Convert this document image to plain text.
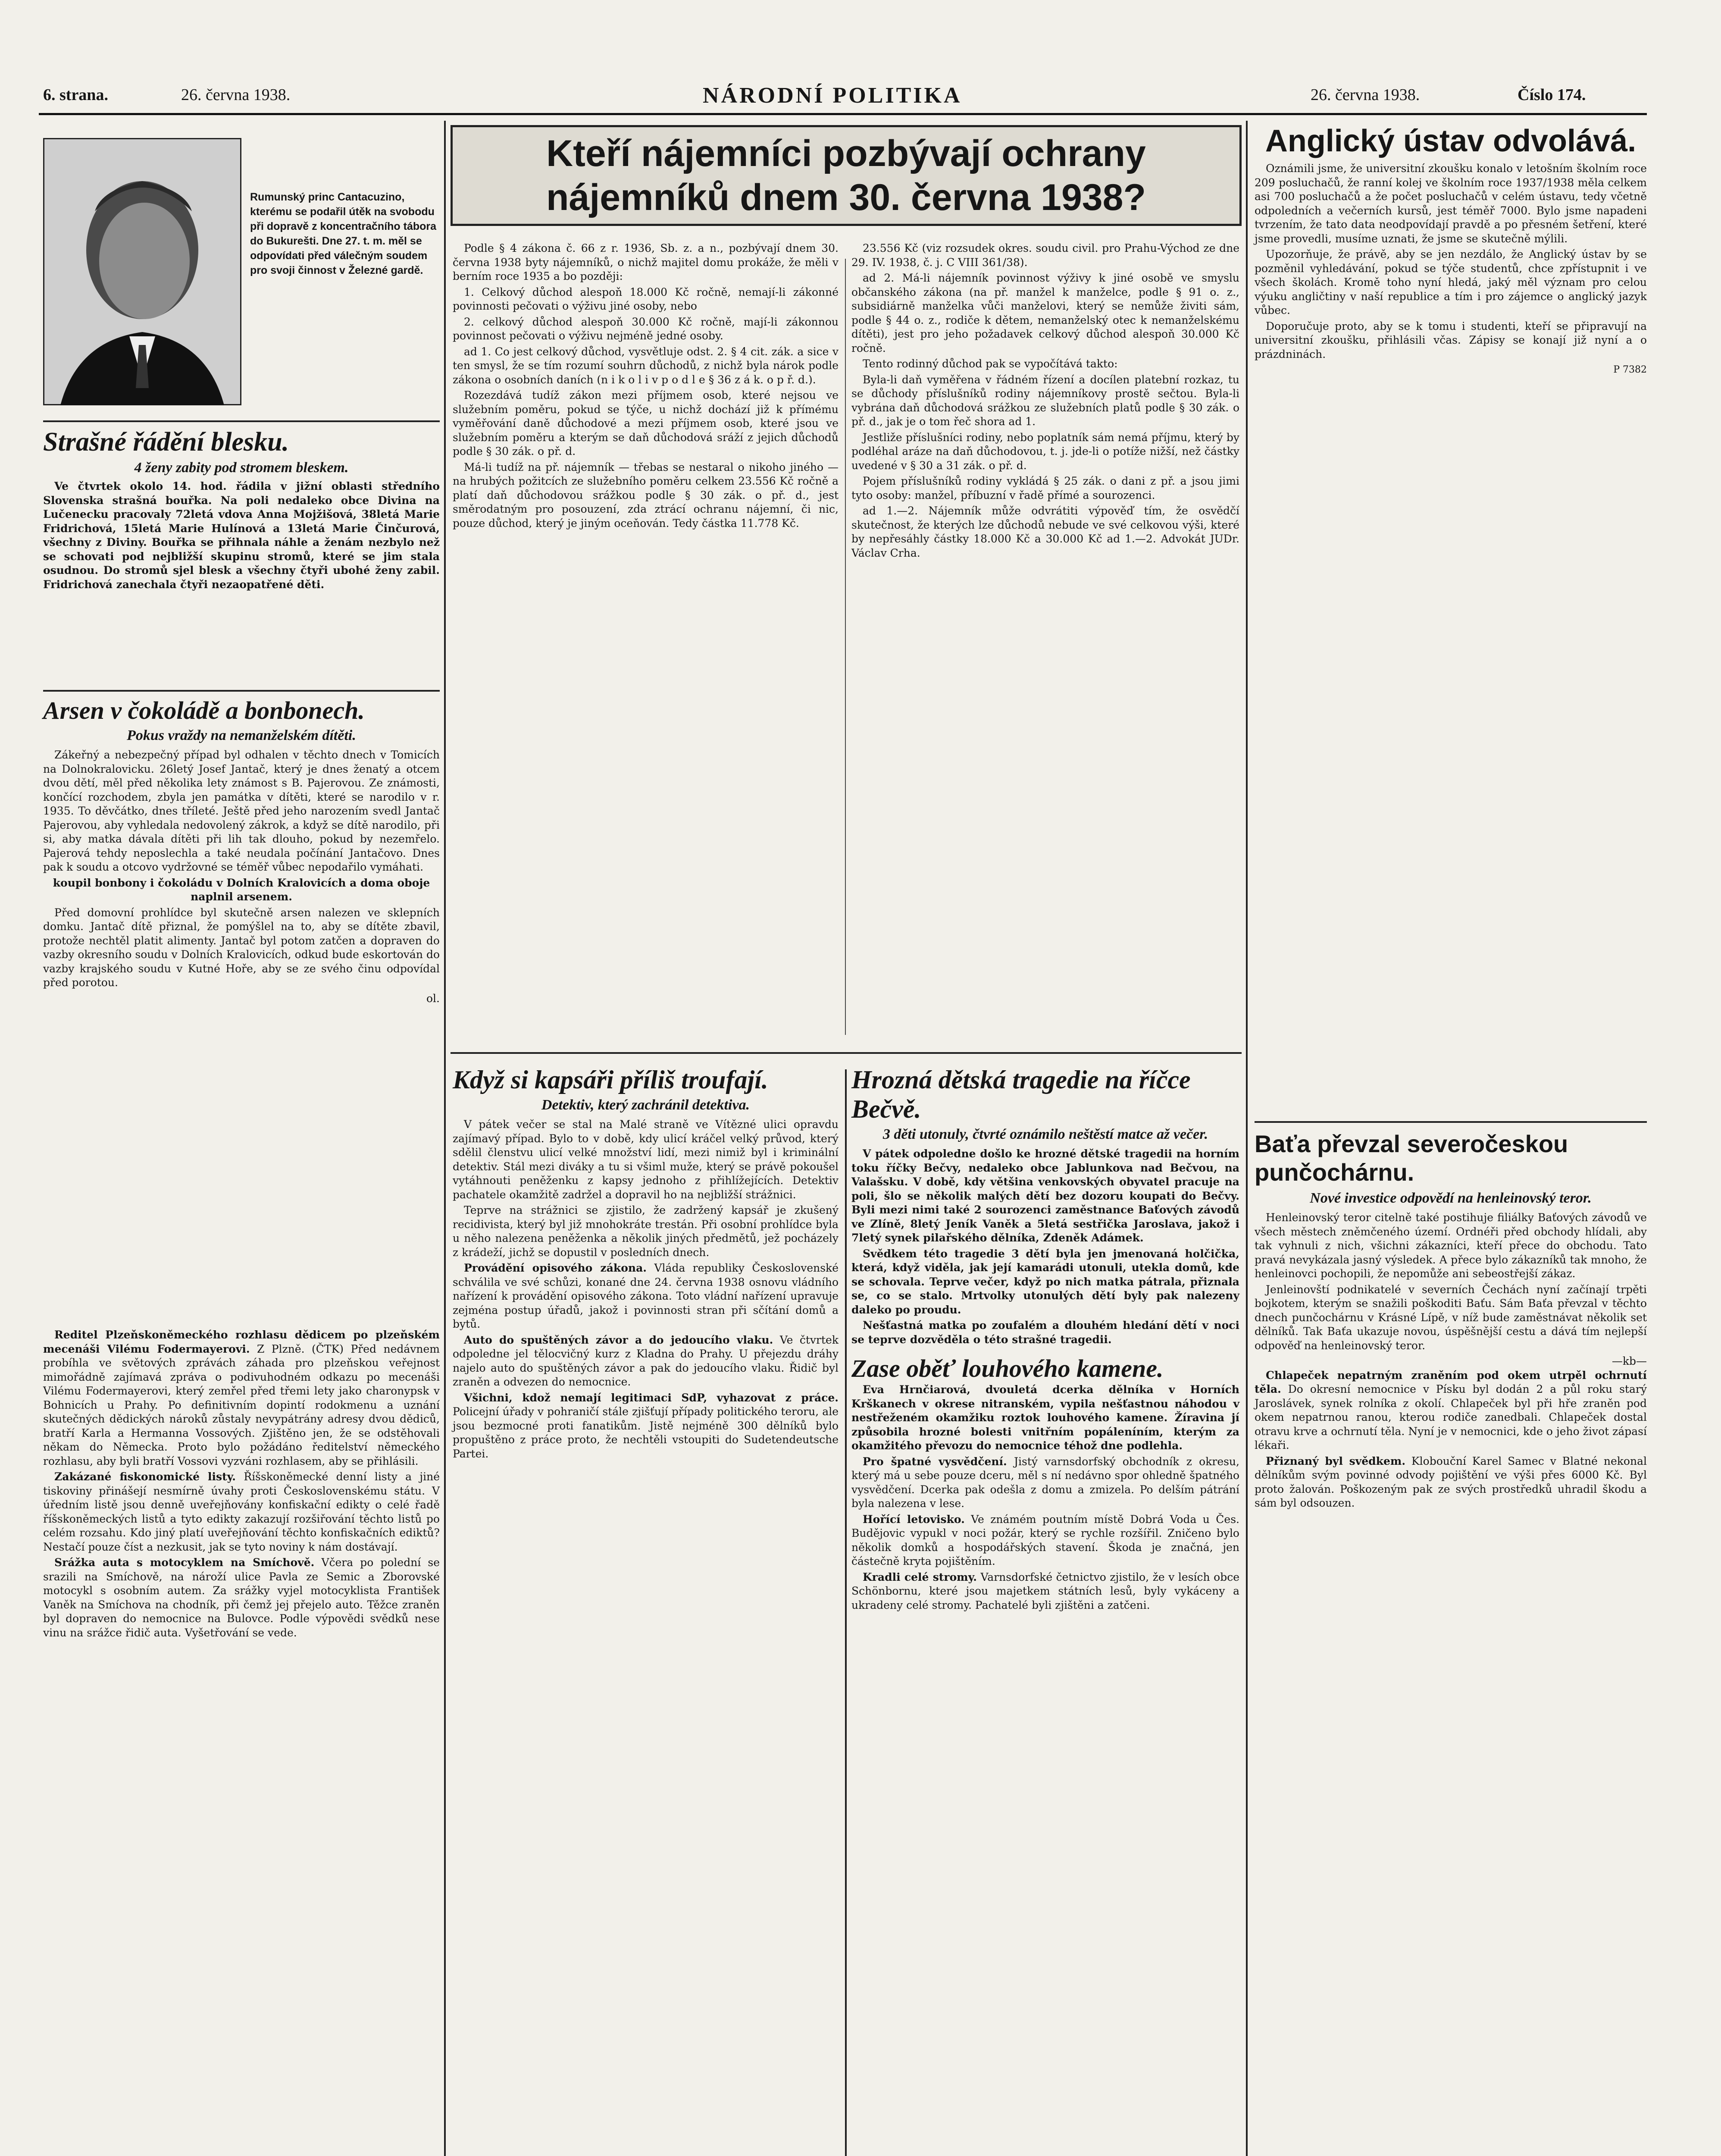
6. strana.	26. června 1938.	NÁRODNÍ POLITIKA	26. června 1938.	Číslo 174.
Rumunský princ Cantacuzino, kterému se podařil útěk na svobodu při dopravě z koncentračního tábora do Bukurešti. Dne 27. t. m. měl se odpovídati před válečným soudem pro svoji činnost v Železné gardě.
Strašné řádění blesku.
4 ženy zabity pod stromem bleskem.
Ve čtvrtek okolo 14. hod. řádila v jižní oblasti středního Slovenska strašná bouřka. Na poli nedaleko obce Divina na Lučenecku pracovaly 72letá vdova Anna Mojžišová, 38letá Marie Fridrichová, 15letá Marie Hulínová a 13letá Marie Činčurová, všechny z Diviny. Bouřka se přihnala náhle a ženám nezbylo než se schovati pod nejbližší skupinu stromů, které se jim stala osudnou. Do stromů sjel blesk a všechny čtyři ubohé ženy zabil. Fridrichová zanechala čtyři nezaopatřené děti.
Arsen v čokoládě a bonbonech.
Pokus vraždy na nemanželském dítěti.

Zákeřný a nebezpečný případ byl odhalen v těchto dnech v Tomicích na Dolnokralovicku. 26letý Josef Jantač, který je dnes ženatý a otcem dvou dětí, měl před několika lety známost s B. Pajerovou. Ze známosti, končící rozchodem, zbyla jen památka v dítěti, které se narodilo v r. 1935. To děvčátko, dnes tříleté. Ještě před jeho narozením svedl Jantač Pajerovou, aby vyhledala nedovolený zákrok, a když se dítě narodilo, při si, aby matka dávala dítěti při lih tak dlouho, pokud by nezemřelo. Pajerová tehdy neposlechla a také neudala počínání Jantačovo. Dnes pak k soudu a otcovo vydržovné se téměř vůbec nepodařilo vymáhati.

koupil bonbony i čokoládu v Dolních Kralovicích a doma oboje naplnil arsenem.

Před domovní prohlídce byl skutečně arsen nalezen ve sklepních domku. Jantač dítě přiznal, že pomýšlel na to, aby se dítěte zbavil, protože nechtěl platit alimenty. Jantač byl potom zatčen a dopraven do vazby okresního soudu v Dolních Kralovicích, odkud bude eskortován do vazby krajského soudu v Kutné Hoře, aby se ze svého činu odpovídal před porotou.

ol.

Reditel Plzeňskoněmeckého rozhlasu dědicem po plzeňském mecenáši Vilému Fodermayerovi. Z Plzně. (ČTK) Před nedávnem probíhla ve světových zprávách záhada pro plzeňskou veřejnost mimořádně zajímavá zpráva o podivuhodném odkazu po mecenáši Vilému Fodermayerovi, který zemřel před třemi lety jako charonypsk v Bohnicích u Prahy. Po definitivním dopintí rodokmenu a uznání skutečných dědických nároků zůstaly nevypátrány adresy dvou dědiců, bratří Karla a Hermanna Vossových. Zjištěno jen, že se odstěhovali někam do Německa. Proto bylo požádáno ředitelství německého rozhlasu, aby byli bratří Vossovi vyzváni rozhlasem, aby se přihlásili.

Zakázané fiskonomické listy. Říšskoněmecké denní listy a jiné tiskoviny přinášejí nesmírně úvahy proti Československému státu. V úředním listě jsou denně uveřejňovány konfiskační edikty o celé řadě říšskoněmeckých listů a tyto edikty zakazují rozšiřování těchto listů po celém rozsahu. Kdo jiný platí uveřejňování těchto konfiskačních ediktů? Nestačí pouze číst a nezkusit, jak se tyto noviny k nám dostávají.

Srážka auta s motocyklem na Smíchově. Včera po polední se srazili na Smíchově, na nároží ulice Pavla ze Semic a Zborovské motocykl s osobním autem. Za srážky vyjel motocyklista František Vaněk na Smíchova na chodník, při čemž jej přejelo auto. Těžce zraněn byl dopraven do nemocnice na Bulovce. Podle výpovědi svědků nese vinu na srážce řidič auta. Vyšetřování se vede.

Kteří nájemníci pozbývají ochrany nájemníků dnem 30. června 1938?

Podle § 4 zákona č. 66 z r. 1936, Sb. z. a n., pozbývají dnem 30. června 1938 byty nájemníků, o nichž majitel domu prokáže, že měli v berním roce 1935 a bo později:

1. Celkový důchod alespoň 18.000 Kč ročně, nemají-li zákonné povinnosti pečovati o výživu jiné osoby, nebo

2. celkový důchod alespoň 30.000 Kč ročně, mají-li zákonnou povinnost pečovati o výživu nejméně jedné osoby.

ad 1. Co jest celkový důchod, vysvětluje odst. 2. § 4 cit. zák. a sice v ten smysl, že se tím rozumí souhrn důchodů, z nichž byla nárok podle zákona o osobních daních (n i k o l i v p o d l e § 36 z á k. o p ř. d.).

Rozezdává tudíž zákon mezi příjmem osob, které nejsou ve služebním poměru, pokud se týče, u nichž dochází již k přímému vyměřování daně důchodové a mezi příjmem osob, které jsou ve služebním poměru a kterým se daň důchodová sráží z jejich důchodů podle § 30 zák. o př. d.

Má-li tudíž na př. nájemník — třebas se nestaral o nikoho jiného — na hrubých požitcích ze služebního poměru celkem 23.556 Kč ročně a platí daň důchodovou srážkou podle § 30 zák. o př. d., jest směrodatným pro posouzení, zda ztrácí ochranu nájemní, či nic, pouze důchod, který je jiným oceňován. Tedy částka 11.778 Kč.

23.556 Kč (viz rozsudek okres. soudu civil. pro Prahu-Východ ze dne 29. IV. 1938, č. j. C VIII 361/38).

ad 2. Má-li nájemník povinnost výživy k jiné osobě ve smyslu občanského zákona (na př. manžel k manželce, podle § 91 o. z., subsidiárně manželka vůči manželovi, který se nemůže živiti sám, podle § 44 o. z., rodiče k dětem, nemanželský otec k nemanželskému dítěti), jest pro jeho požadavek celkový důchod alespoň 30.000 Kč ročně.

Tento rodinný důchod pak se vypočítává takto:

Byla-li daň vyměřena v řádném řízení a docílen platební rozkaz, tu se důchody příslušníků rodiny nájemníkovy prostě sečtou. Byla-li vybrána daň důchodová srážkou ze služebních platů podle § 30 zák. o př. d., jak je o tom řeč shora ad 1.

Jestliže příslušníci rodiny, nebo poplatník sám nemá příjmu, který by podléhal aráze na daň důchodovou, t. j. jde-li o potíže nižší, než částky uvedené v § 30 a 31 zák. o př. d.

Pojem příslušníků rodiny vykládá § 25 zák. o dani z př. a jsou jimi tyto osoby: manžel, příbuzní v řadě přímé a sourozenci.

ad 1.—2. Nájemník může odvrátiti výpověď tím, že osvědčí skutečnost, že kterých lze důchodů nebude ve své celkovou výši, které by nepřesáhly částky 18.000 Kč a 30.000 Kč ad 1.—2. Advokát JUDr. Václav Crha.

Když si kapsáři příliš troufají.
Detektiv, který zachránil detektiva.

V pátek večer se stal na Malé straně ve Vítězné ulici opravdu zajímavý případ. Bylo to v době, kdy ulicí kráčel velký průvod, který sdělil členstvu ulicí velké množství lidí, mezi nimiž byl i kriminální detektiv. Stál mezi diváky a tu si všiml muže, který se právě pokoušel vytáhnouti peněženku z kapsy jednoho z přihlížejících. Detektiv pachatele okamžitě zadržel a dopravil ho na nejbližší strážnici.

Teprve na strážnici se zjistilo, že zadržený kapsář je zkušený recidivista, který byl již mnohokráte trestán. Při osobní prohlídce byla u něho nalezena peněženka a několik jiných předmětů, jež pocházely z krádeží, jichž se dopustil v posledních dnech.

Provádění opisového zákona. Vláda republiky Československé schválila ve své schůzi, konané dne 24. června 1938 osnovu vládního nařízení k provádění opisového zákona. Toto vládní nařízení upravuje zejména postup úřadů, jakož i povinnosti stran při sčítání domů a bytů.

Auto do spuštěných závor a do jedoucího vlaku. Ve čtvrtek odpoledne jel tělocvičný kurz z Kladna do Prahy. U přejezdu dráhy najelo auto do spuštěných závor a pak do jedoucího vlaku. Řidič byl zraněn a odvezen do nemocnice.

Všichni, kdož nemají legitimaci SdP, vyhazovat z práce. Policejní úřady v pohraničí stále zjišťují případy politického teroru, ale jsou bezmocné proti fanatikům. Jistě nejméně 300 dělníků bylo propuštěno z práce proto, že nechtěli vstoupiti do Sudetendeutsche Partei.

Hrozná dětská tragedie na říčce Bečvě.
3 děti utonuly, čtvrté oznámilo neštěstí matce až večer.

V pátek odpoledne došlo ke hrozné dětské tragedii na horním toku říčky Bečvy, nedaleko obce Jablunkova nad Bečvou, na Valašsku. V době, kdy většina venkovských obyvatel pracuje na poli, šlo se několik malých dětí bez dozoru koupati do Bečvy. Byli mezi nimi také 2 sourozenci zaměstnance Baťových závodů ve Zlíně, 8letý Jeník Vaněk a 5letá sestřička Jaroslava, jakož i 7letý synek pilařského dělníka, Zdeněk Adámek.

Svědkem této tragedie 3 dětí byla jen jmenovaná holčička, která, když viděla, jak její kamarádi utonuli, utekla domů, kde se schovala. Teprve večer, když po nich matka pátrala, přiznala se, co se stalo. Mrtvolky utonulých dětí byly pak nalezeny daleko po proudu.

Nešťastná matka po zoufalém a dlouhém hledání dětí v noci se teprve dozvěděla o této strašné tragedii.

Zase oběť louhového kamene.

Eva Hrnčiarová, dvouletá dcerka dělníka v Horních Krškanech v okrese nitranském, vypila nešťastnou náhodou v nestřeženém okamžiku roztok louhového kamene. Žíravina jí způsobila hrozné bolesti vnitřním popáleníním, kterým za okamžitého převozu do nemocnice téhož dne podlehla.

Pro špatné vysvědčení. Jistý varnsdorfský obchodník z okresu, který má u sebe pouze dceru, měl s ní nedávno spor ohledně špatného vysvědčení. Dcerka pak odešla z domu a zmizela. Po delším pátrání byla nalezena v lese.

Hořící letovisko. Ve známém poutním místě Dobrá Voda u Čes. Budějovic vypukl v noci požár, který se rychle rozšířil. Zničeno bylo několik domků a hospodářských stavení. Škoda je značná, jen částečně kryta pojištěním.

Kradli celé stromy. Varnsdorfské četnictvo zjistilo, že v lesích obce Schönbornu, které jsou majetkem státních lesů, byly vykáceny a ukradeny celé stromy. Pachatelé byli zjištěni a zatčeni.

Anglický ústav odvolává.

Oznámili jsme, že universitní zkoušku konalo v letošním školním roce 209 posluchačů, že ranní kolej ve školním roce 1937/1938 měla celkem asi 700 posluchačů a že počet posluchačů v celém ústavu, tedy včetně odpoledních a večerních kursů, jest téměř 7000. Bylo jsme napadeni tvrzením, že tato data neodpovídají pravdě a po přesném šetření, které jsme provedli, musíme uznati, že jsme se skutečně mýlili.

Upozorňuje, že právě, aby se jen nezdálo, že Anglický ústav by se pozměnil vyhledávání, pokud se týče studentů, chce zpřístupnit i ve všech školách. Kromě toho nyní hledá, jaký měl význam pro celou výuku angličtiny v naší republice a tím i pro zájemce o anglický jazyk vůbec.

Doporučuje proto, aby se k tomu i studenti, kteří se připravují na universitní zkoušku, přihlásili včas. Zápisy se konají již nyní a o prázdninách.

P 7382
Baťa převzal severočeskou punčochárnu.
Nové investice odpovědí na henleinovský teror.

Henleinovský teror citelně také postihuje filiálky Baťových závodů ve všech městech zněmčeného území. Ordnéři před obchody hlídali, aby tak vyhnuli z nich, všichni zákazníci, kteří přece do obchodu. Tato pravá nevykázala jasný výsledek. A přece bylo zákazníků tak mnoho, že henleinovci pochopili, že nepomůže ani sebeostřejší zákaz.

Jenleinovští podnikatelé v severních Čechách nyní začínají trpěti bojkotem, kterým se snažili poškoditi Baťu. Sám Baťa převzal v těchto dnech punčochárnu v Krásné Lípě, v níž bude zaměstnávat několik set dělníků. Tak Baťa ukazuje novou, úspěšnější cestu a dává tím nejlepší odpověď na henleinovský teror.

—kb—

Chlapeček nepatrným zraněním pod okem utrpěl ochrnutí těla. Do okresní nemocnice v Písku byl dodán 2 a půl roku starý Jaroslávek, synek rolníka z okolí. Chlapeček byl při hře zraněn pod okem nepatrnou ranou, kterou rodiče zanedbali. Chlapeček dostal otravu krve a ochrnutí těla. Nyní je v nemocnici, kde o jeho život zápasí lékaři.

Přiznaný byl svědkem. Klobouční Karel Samec v Blatné nekonal dělníkům svým povinné odvody pojištění ve výši přes 6000 Kč. Byl proto žalován. Poškozeným pak ze svých prostředků uhradil škodu a sám byl odsouzen.
